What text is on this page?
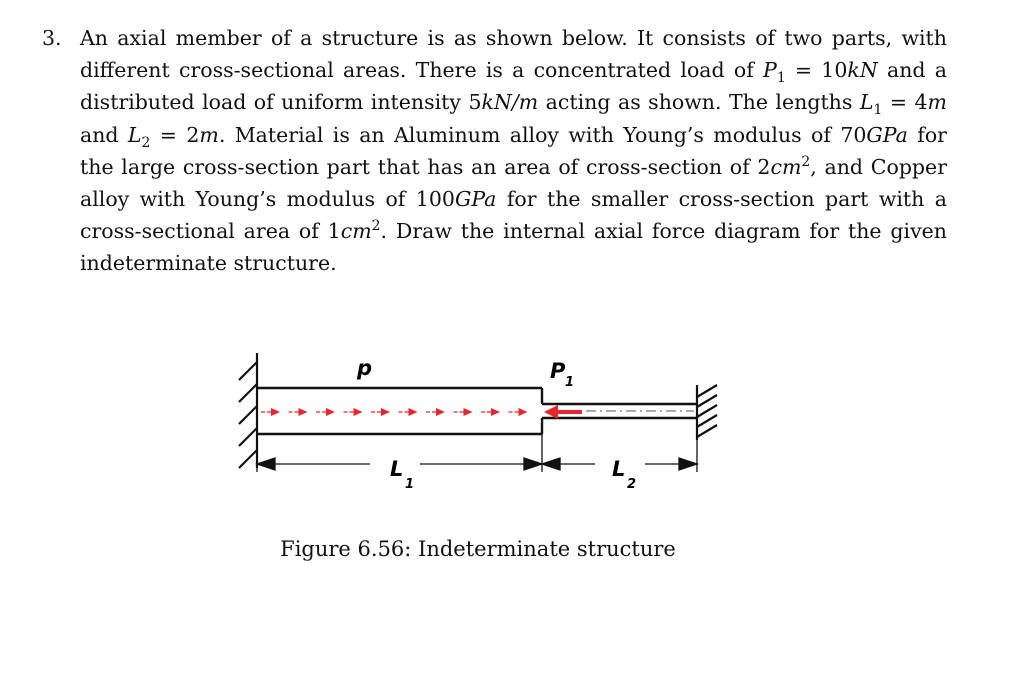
3. An axial member of a structure is as shown below. It consists of two parts, with different cross-sectional areas. There is a concentrated load of $P_1 = 10kN$ and a distributed load of uniform intensity 5kN/m acting as shown. The lengths $L_1 = 4m$ and $L_2 = 2m$. Material is an Aluminum alloy with Young’s modulus of 70GPa for the large cross-section part that has an area of cross-section of $2cm^2$, and Copper alloy with Young’s modulus of 100GPa for the smaller cross-section part with a cross-sectional area of $1cm^2$. Draw the internal axial force diagram for the given indeterminate structure.
p	P 1
L
1
L
2
Figure 6.56: Indeterminate structure
